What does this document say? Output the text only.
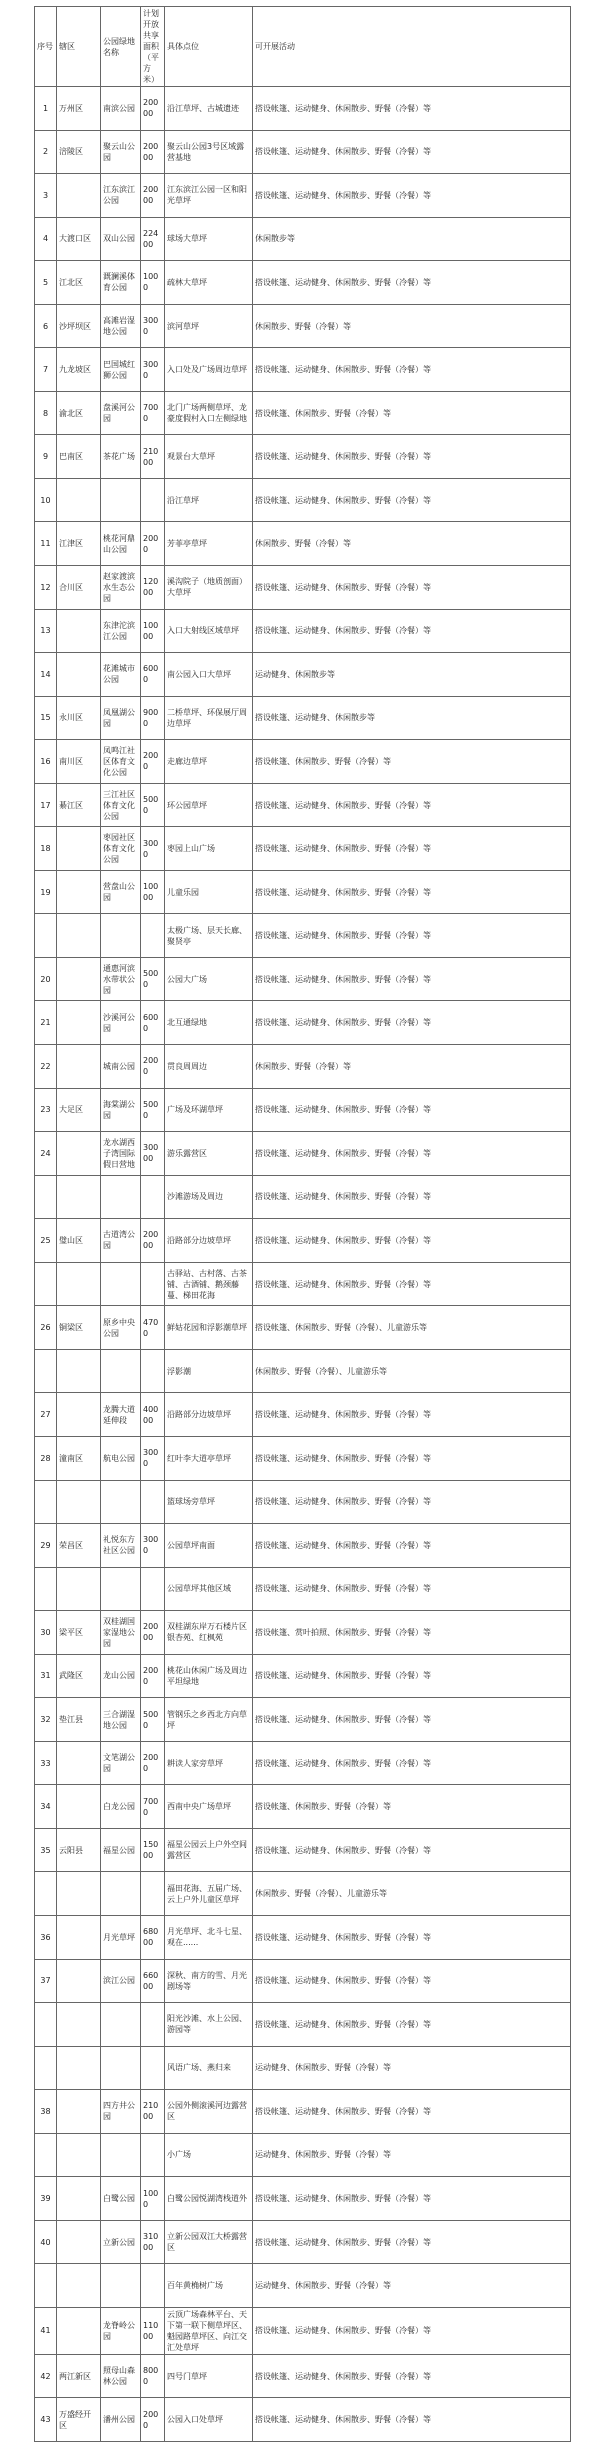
序号	辖区	公园绿地名称	计划开放共享面积（平方米）	具体点位	可开展活动
1	万州区	南滨公园	20000	沿江草坪、古城遗迹	搭设帐篷、运动健身、休闲散步、野餐（冷餐）等
2	涪陵区	聚云山公园	20000	聚云山公园3号区域露营基地	搭设帐篷、运动健身、休闲散步、野餐（冷餐）等
3		江东滨江公园	20000	江东滨江公园一区和阳光草坪	搭设帐篷、运动健身、休闲散步、野餐（冷餐）等
4	大渡口区	双山公园	22400	球场大草坪	休闲散步等
5	江北区	溉澜溪体育公园	1000	疏林大草坪	搭设帐篷、运动健身、休闲散步、野餐（冷餐）等
6	沙坪坝区	高滩岩湿地公园	3000	滨河草坪	休闲散步、野餐（冷餐）等
7	九龙坡区	巴国城红狮公园	3000	入口处及广场周边草坪	搭设帐篷、运动健身、休闲散步、野餐（冷餐）等
8	渝北区	盘溪河公园	7000	北门广场两侧草坪、龙豪度假村入口左侧绿地	搭设帐篷、休闲散步、野餐（冷餐）等
9	巴南区	茶花广场	21000	观景台大草坪	搭设帐篷、运动健身、休闲散步、野餐（冷餐）等
10				沿江草坪	搭设帐篷、运动健身、休闲散步、野餐（冷餐）等
11	江津区	桃花河鼎山公园	2000	芳菲亭草坪	休闲散步、野餐（冷餐）等
12	合川区	赵家渡滨水生态公园	12000	溪沟院子（地质剖面）大草坪	搭设帐篷、运动健身、休闲散步、野餐（冷餐）等
13		东津沱滨江公园	10000	入口大射线区域草坪	搭设帐篷、运动健身、休闲散步、野餐（冷餐）等
14		花滩城市公园	6000	南公园入口大草坪	运动健身、休闲散步等
15	永川区	凤凰湖公园	9000	二桥草坪、环保展厅周边草坪	搭设帐篷、运动健身、休闲散步等
16	南川区	凤鸣江社区体育文化公园	2000	走廊边草坪	搭设帐篷、休闲散步、野餐（冷餐）等
17	綦江区	三江社区体育文化公园	5000	环公园草坪	搭设帐篷、运动健身、休闲散步、野餐（冷餐）等
18		枣园社区体育文化公园	3000	枣园上山广场	搭设帐篷、运动健身、休闲散步、野餐（冷餐）等
19		营盘山公园	10000	儿童乐园	搭设帐篷、运动健身、休闲散步、野餐（冷餐）等
				太极广场、层天长廊、聚贤亭	搭设帐篷、运动健身、休闲散步、野餐（冷餐）等
20		通惠河滨水带状公园	5000	公园大广场	搭设帐篷、运动健身、休闲散步、野餐（冷餐）等
21		沙溪河公园	6000	北互通绿地	搭设帐篷、运动健身、休闲散步、野餐（冷餐）等
22		城南公园	2000	贯良周周边	休闲散步、野餐（冷餐）等
23	大足区	海棠湖公园	5000	广场及环湖草坪	搭设帐篷、运动健身、休闲散步、野餐（冷餐）等
24		龙水湖西子湾国际假日营地	30000	游乐露营区	搭设帐篷、运动健身、休闲散步、野餐（冷餐）等
				沙滩游场及周边	搭设帐篷、运动健身、休闲散步、野餐（冷餐）等
25	璧山区	古道湾公园	20000	沿路部分边坡草坪	搭设帐篷、运动健身、休闲散步、野餐（冷餐）等
				古驿站、古村落、古茶铺、古酒铺、鹅颈藤蔓、梯田花海	搭设帐篷、运动健身、休闲散步、野餐（冷餐）等
26	铜梁区	原乡中央公园	4700	鲜姑花园和浮影潮草坪	搭设帐篷、休闲散步、野餐（冷餐）、儿童游乐等
				浮影潮	休闲散步、野餐（冷餐）、儿童游乐等
27		龙腾大道延伸段	40000	沿路部分边坡草坪	搭设帐篷、运动健身、休闲散步、野餐（冷餐）等
28	潼南区	航电公园	3000	红叶李大道亭草坪	搭设帐篷、运动健身、休闲散步、野餐（冷餐）等
				篮球场旁草坪	搭设帐篷、运动健身、休闲散步、野餐（冷餐）等
29	荣昌区	礼悦东方社区公园	3000	公园草坪南面	搭设帐篷、运动健身、休闲散步、野餐（冷餐）等
				公园草坪其他区域	搭设帐篷、运动健身、休闲散步、野餐（冷餐）等
30	梁平区	双桂湖国家湿地公园	20000	双桂湖东岸万石楼片区银杏苑、红枫苑	搭设帐篷、赏叶拍照、休闲散步、野餐（冷餐）等
31	武隆区	龙山公园	2000	桃花山休闲广场及周边平坦绿地	搭设帐篷、运动健身、休闲散步、野餐（冷餐）等
32	垫江县	三合湖湿地公园	5000	管钢乐之乡西北方向草坪	搭设帐篷、运动健身、休闲散步、野餐（冷餐）等
33		文笔湖公园	2000	耕读人家旁草坪	搭设帐篷、运动健身、休闲散步、野餐（冷餐）等
34		白龙公园	7000	西南中央广场草坪	搭设帐篷、休闲散步、野餐（冷餐）等
35	云阳县	福星公园	15000	福星公园云上户外空间露营区	搭设帐篷、运动健身、休闲散步、野餐（冷餐）等
				福田花海、五届广场、云上户外儿童区草坪	休闲散步、野餐（冷餐）、儿童游乐等
36		月光草坪	68000	月光草坪、北斗七星、观在......	搭设帐篷、运动健身、休闲散步、野餐（冷餐）等
37		滨江公园	66000	深秋、南方的雪、月光剧场等	搭设帐篷、运动健身、休闲散步、野餐（冷餐）等
				阳光沙滩、水上公园、游园等	搭设帐篷、运动健身、休闲散步、野餐（冷餐）等
				风语广场、燕归来	运动健身、休闲散步、野餐（冷餐）等
38		四方井公园	21000	公园外侧滚溪河边露营区	搭设帐篷、运动健身、休闲散步、野餐（冷餐）等
				小广场	运动健身、休闲散步、野餐（冷餐）等
39		白鹭公园	1000	白鹭公园悦湖湾栈道外	搭设帐篷、运动健身、休闲散步、野餐（冷餐）等
40		立新公园	31000	立新公园双江大桥露营区	搭设帐篷、运动健身、休闲散步、野餐（冷餐）等
				百年黄桷树广场	运动健身、休闲散步、野餐（冷餐）等
41		龙脊岭公园	11000	云顶广场森林平台、天下第一联下侧草坪区、魁园路草坪区、向江交汇处草坪	搭设帐篷、运动健身、休闲散步、野餐（冷餐）等
42	两江新区	照母山森林公园	8000	四号门草坪	搭设帐篷、运动健身、休闲散步、野餐（冷餐）等
43	万盛经开区	潘州公园	2000	公园入口处草坪	搭设帐篷、运动健身、休闲散步、野餐（冷餐）等
